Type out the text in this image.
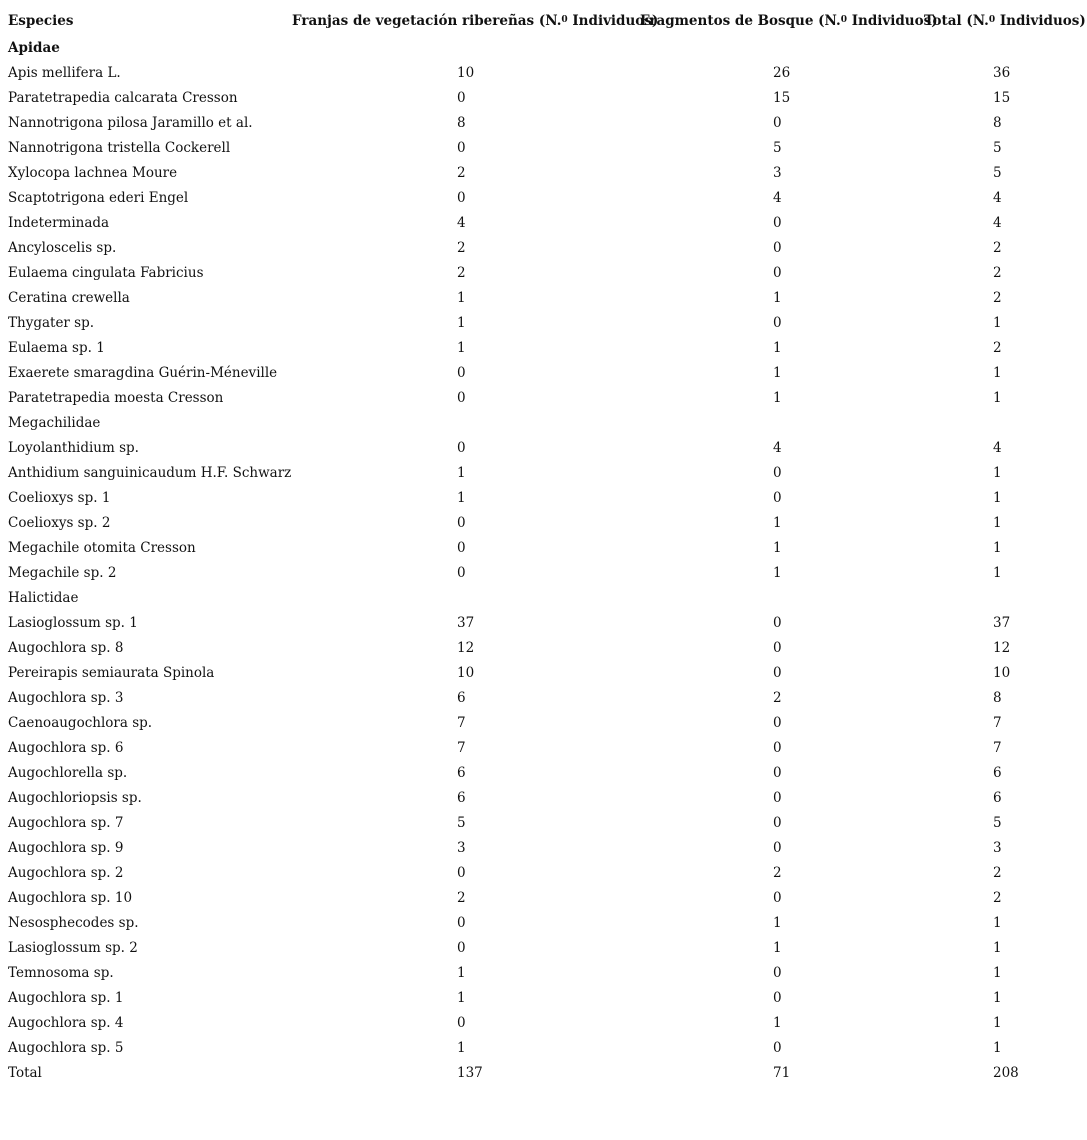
Especies	Franjas de vegetación ribereñas (N.$^0$ Individuos)	Fragmentos de Bosque (N.$^0$ Individuos)	Total (N.$^0$ Individuos)
Apidae			
Apis mellifera L.	10	26	36
Paratetrapedia calcarata Cresson	0	15	15
Nannotrigona pilosa Jaramillo et al.	8	0	8
Nannotrigona tristella Cockerell	0	5	5
Xylocopa lachnea Moure	2	3	5
Scaptotrigona ederi Engel	0	4	4
Indeterminada	4	0	4
Ancyloscelis sp.	2	0	2
Eulaema cingulata Fabricius	2	0	2
Ceratina crewella	1	1	2
Thygater sp.	1	0	1
Eulaema sp. 1	1	1	2
Exaerete smaragdina Guérin-Méneville	0	1	1
Paratetrapedia moesta Cresson	0	1	1
Megachilidae			
Loyolanthidium sp.	0	4	4
Anthidium sanguinicaudum H.F. Schwarz	1	0	1
Coelioxys sp. 1	1	0	1
Coelioxys sp. 2	0	1	1
Megachile otomita Cresson	0	1	1
Megachile sp. 2	0	1	1
Halictidae			
Lasioglossum sp. 1	37	0	37
Augochlora sp. 8	12	0	12
Pereirapis semiaurata Spinola	10	0	10
Augochlora sp. 3	6	2	8
Caenoaugochlora sp.	7	0	7
Augochlora sp. 6	7	0	7
Augochlorella sp.	6	0	6
Augochloriopsis sp.	6	0	6
Augochlora sp. 7	5	0	5
Augochlora sp. 9	3	0	3
Augochlora sp. 2	0	2	2
Augochlora sp. 10	2	0	2
Nesosphecodes sp.	0	1	1
Lasioglossum sp. 2	0	1	1
Temnosoma sp.	1	0	1
Augochlora sp. 1	1	0	1
Augochlora sp. 4	0	1	1
Augochlora sp. 5	1	0	1
Total	137	71	208
